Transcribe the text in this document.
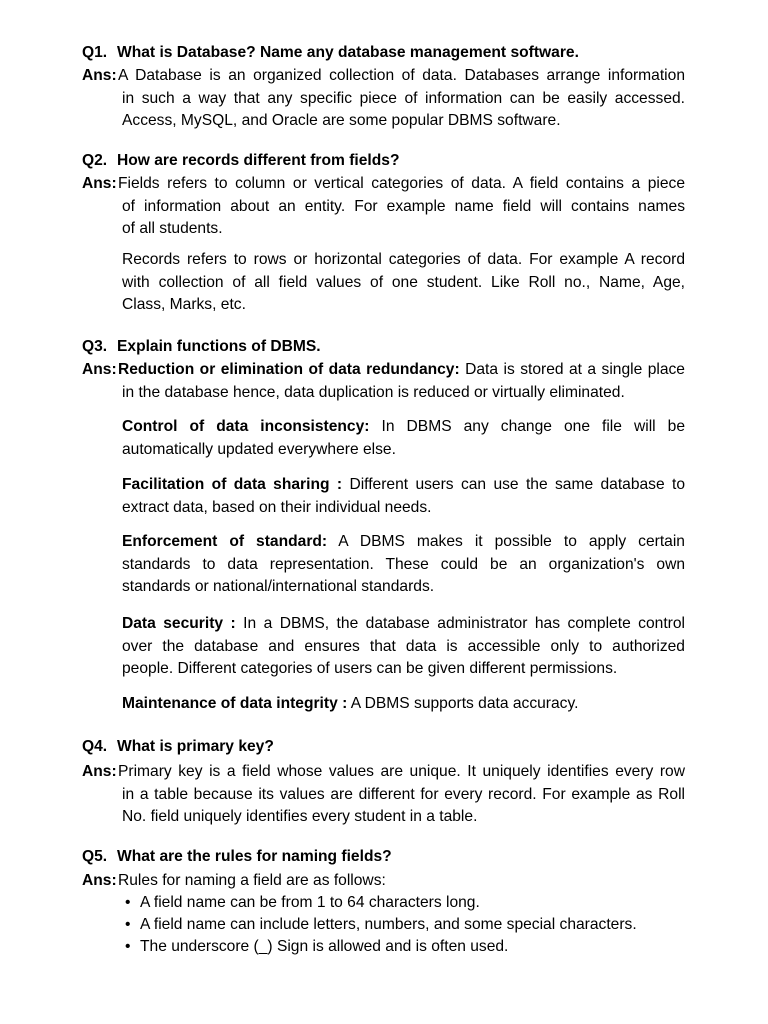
Q1. What is Database? Name any database management software.
Ans: A Database is an organized collection of data. Databases arrange information
in such a way that any specific piece of information can be easily accessed.
Access, MySQL, and Oracle are some popular DBMS software.
Q2. How are records different from fields?
Ans: Fields refers to column or vertical categories of data. A field contains a piece
of information about an entity. For example name field will contains names
of all students.
Records refers to rows or horizontal categories of data. For example A record
with collection of all field values of one student. Like Roll no., Name, Age,
Class, Marks, etc.
Q3. Explain functions of DBMS.
Ans: Reduction or elimination of data redundancy: Data is stored at a single place
in the database hence, data duplication is reduced or virtually eliminated.
Control of data inconsistency: In DBMS any change one file will be
automatically updated everywhere else.
Facilitation of data sharing : Different users can use the same database to
extract data, based on their individual needs.
Enforcement of standard: A DBMS makes it possible to apply certain
standards to data representation. These could be an organization's own
standards or national/international standards.
Data security : In a DBMS, the database administrator has complete control
over the database and ensures that data is accessible only to authorized
people. Different categories of users can be given different permissions.
Maintenance of data integrity : A DBMS supports data accuracy.
Q4. What is primary key?
Ans: Primary key is a field whose values are unique. It uniquely identifies every row
in a table because its values are different for every record. For example as Roll
No. field uniquely identifies every student in a table.
Q5. What are the rules for naming fields?
Ans: Rules for naming a field are as follows:
• A field name can be from 1 to 64 characters long.
• A field name can include letters, numbers, and some special characters.
• The underscore (_) Sign is allowed and is often used.
